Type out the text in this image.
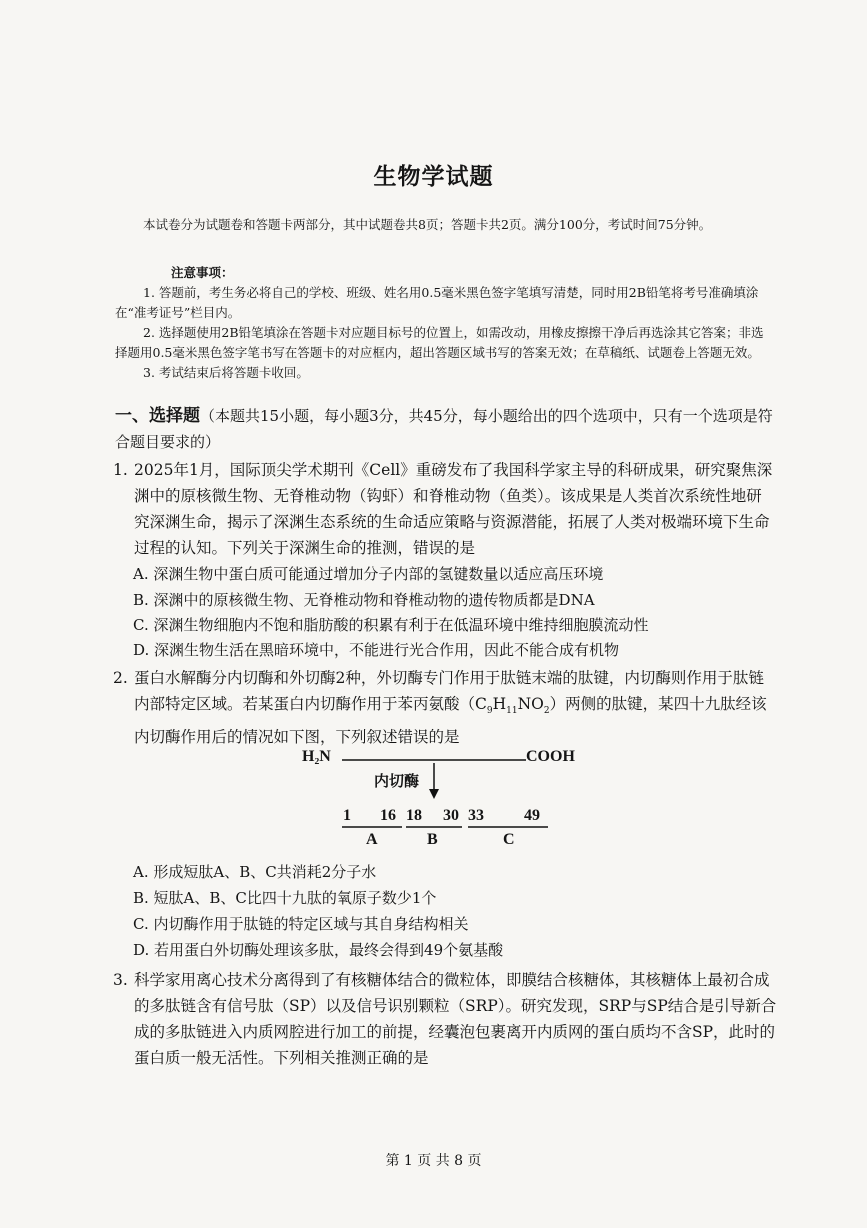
生物学试题

本试卷分为试题卷和答题卡两部分，其中试题卷共8页；答题卡共2页。满分100分，考试时间75分钟。

注意事项：

1. 答题前，考生务必将自己的学校、班级、姓名用0.5毫米黑色签字笔填写清楚，同时用2B铅笔将考号准确填涂在“准考证号”栏目内。

2. 选择题使用2B铅笔填涂在答题卡对应题目标号的位置上，如需改动，用橡皮擦擦干净后再选涂其它答案；非选择题用0.5毫米黑色签字笔书写在答题卡的对应框内，超出答题区域书写的答案无效；在草稿纸、试题卷上答题无效。

3. 考试结束后将答题卡收回。

一、选择题（本题共15小题，每小题3分，共45分，每小题给出的四个选项中，只有一个选项是符合题目要求的）
1. 2025年1月，国际顶尖学术期刊《Cell》重磅发布了我国科学家主导的科研成果，研究聚焦深渊中的原核微生物、无脊椎动物（钩虾）和脊椎动物（鱼类）。该成果是人类首次系统性地研究深渊生命，揭示了深渊生态系统的生命适应策略与资源潜能，拓展了人类对极端环境下生命过程的认知。下列关于深渊生命的推测，错误的是
A. 深渊生物中蛋白质可能通过增加分子内部的氢键数量以适应高压环境
B. 深渊中的原核微生物、无脊椎动物和脊椎动物的遗传物质都是DNA
C. 深渊生物细胞内不饱和脂肪酸的积累有利于在低温环境中维持细胞膜流动性
D. 深渊生物生活在黑暗环境中，不能进行光合作用，因此不能合成有机物
2. 蛋白水解酶分内切酶和外切酶2种，外切酶专门作用于肽链末端的肽键，内切酶则作用于肽链内部特定区域。若某蛋白内切酶作用于苯丙氨酸$(C_9H_{11}NO_2)$两侧的肽键，某四十九肽经该内切酶作用后的情况如下图，下列叙述错误的是
H₂N	COOH
内切酶
1 16 18 30 33	49
A	B	C
A. 形成短肽A、B、C共消耗2分子水
B. 短肽A、B、C比四十九肽的氧原子数少1个
C. 内切酶作用于肽链的特定区域与其自身结构相关
D. 若用蛋白外切酶处理该多肽，最终会得到49个氨基酸
3. 科学家用离心技术分离得到了有核糖体结合的微粒体，即膜结合核糖体，其核糖体上最初合成的多肽链含有信号肽（SP）以及信号识别颗粒（SRP）。研究发现，SRP与SP结合是引导新合成的多肽链进入内质网腔进行加工的前提，经囊泡包裹离开内质网的蛋白质均不含SP，此时的蛋白质一般无活性。下列相关推测正确的是
第 1 页 共 8 页
